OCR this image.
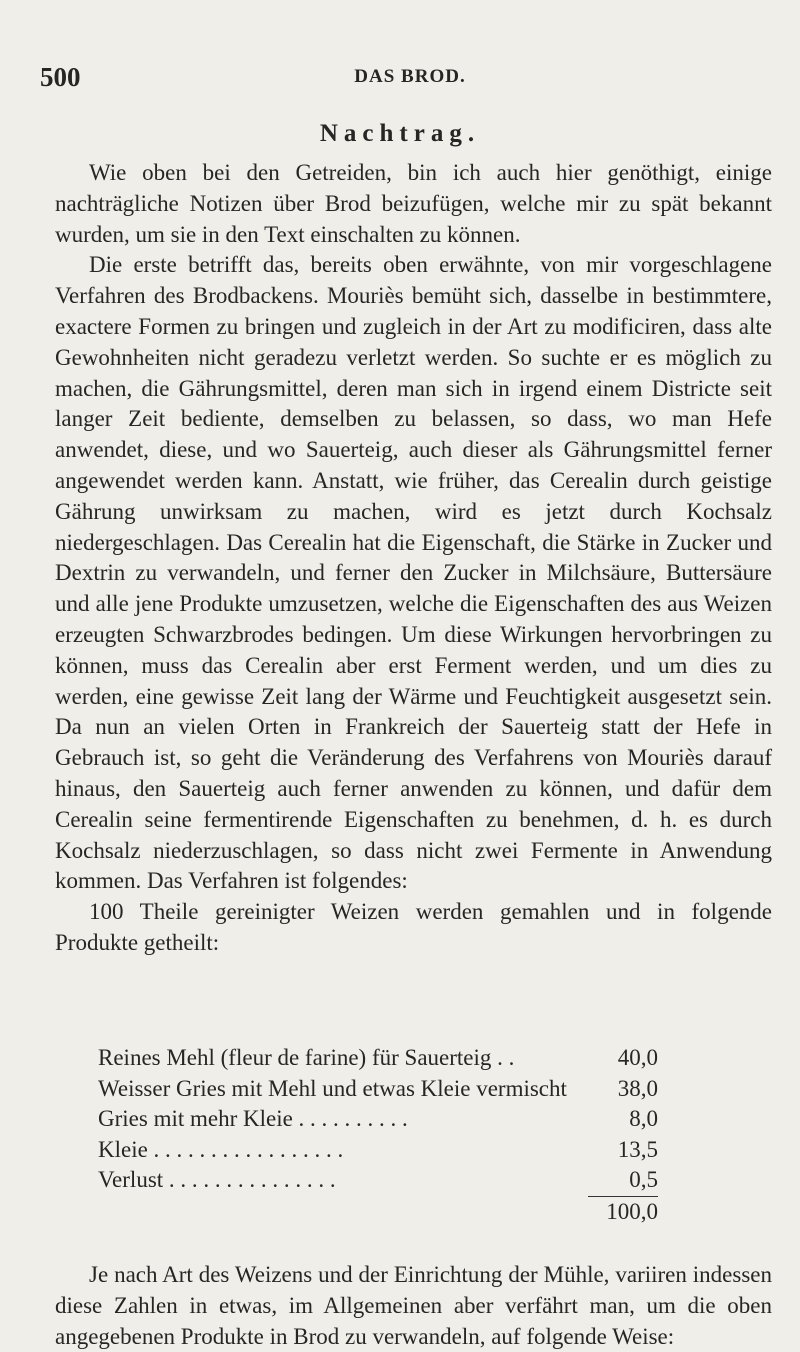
500	DAS BROD.
Nachtrag.

Wie oben bei den Getreiden, bin ich auch hier genöthigt, einige nachträgliche Notizen über Brod beizufügen, welche mir zu spät bekannt wurden, um sie in den Text einschalten zu können.

Die erste betrifft das, bereits oben erwähnte, von mir vorgeschlagene Verfahren des Brodbackens. Mouriès bemüht sich, dasselbe in bestimmtere, exactere Formen zu bringen und zugleich in der Art zu modificiren, dass alte Gewohnheiten nicht geradezu verletzt werden. So suchte er es möglich zu machen, die Gährungsmittel, deren man sich in irgend einem Districte seit langer Zeit bediente, demselben zu belassen, so dass, wo man Hefe anwendet, diese, und wo Sauerteig, auch dieser als Gährungsmittel ferner angewendet werden kann. Anstatt, wie früher, das Cerealin durch geistige Gährung unwirksam zu machen, wird es jetzt durch Kochsalz niedergeschlagen. Das Cerealin hat die Eigenschaft, die Stärke in Zucker und Dextrin zu verwandeln, und ferner den Zucker in Milchsäure, Buttersäure und alle jene Produkte umzusetzen, welche die Eigenschaften des aus Weizen erzeugten Schwarzbrodes bedingen. Um diese Wirkungen hervorbringen zu können, muss das Cerealin aber erst Ferment werden, und um dies zu werden, eine gewisse Zeit lang der Wärme und Feuchtigkeit ausgesetzt sein. Da nun an vielen Orten in Frankreich der Sauerteig statt der Hefe in Gebrauch ist, so geht die Veränderung des Verfahrens von Mouriès darauf hinaus, den Sauerteig auch ferner anwenden zu können, und dafür dem Cerealin seine fermentirende Eigenschaften zu benehmen, d. h. es durch Kochsalz niederzuschlagen, so dass nicht zwei Fermente in Anwendung kommen. Das Verfahren ist folgendes:

100 Theile gereinigter Weizen werden gemahlen und in folgende Produkte getheilt:

Reines Mehl (fleur de farine) für Sauerteig . .	40,0
Weisser Gries mit Mehl und etwas Kleie vermischt	38,0
Gries mit mehr Kleie . . . . . . . . . .	8,0
Kleie . . . . . . . . . . . . . . . . .	13,5
Verlust . . . . . . . . . . . . . . .	0,5
100,0

Je nach Art des Weizens und der Einrichtung der Mühle, variiren indessen diese Zahlen in etwas, im Allgemeinen aber verfährt man, um die oben angegebenen Produkte in Brod zu verwandeln, auf folgende Weise:
